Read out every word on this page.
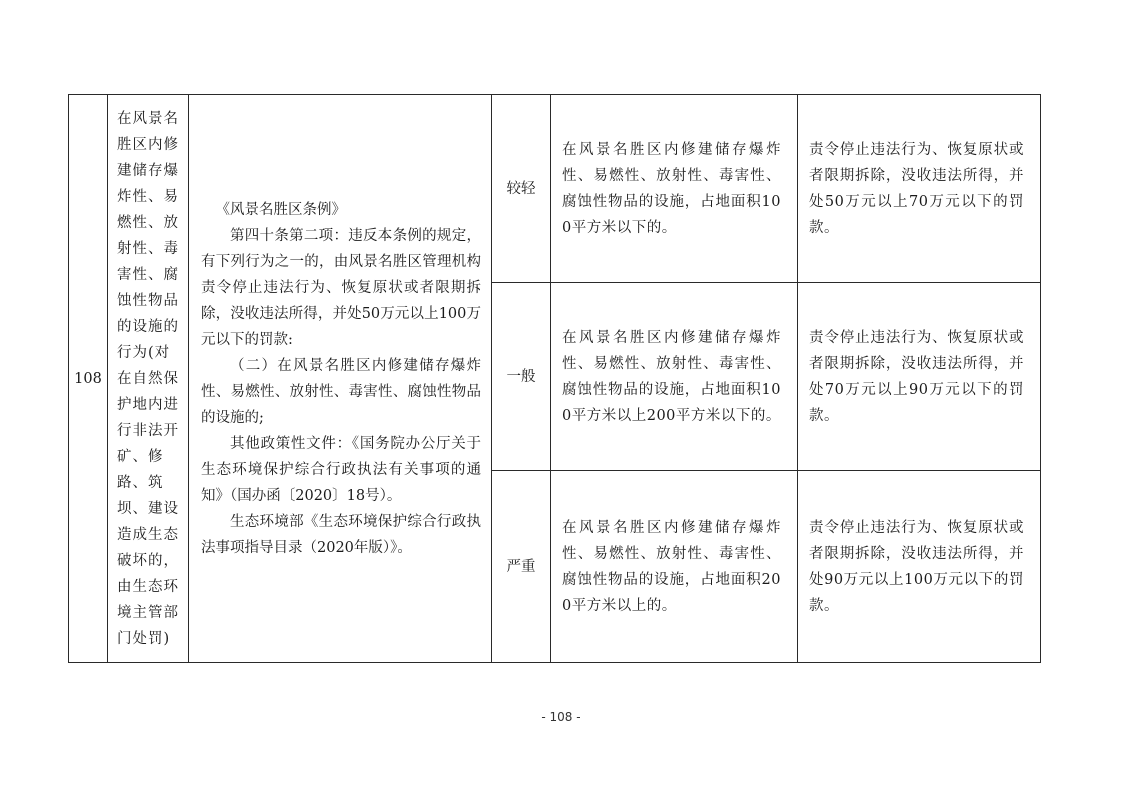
108	在风景名胜区内修建储存爆炸性、易燃性、放射性、毒害性、腐蚀性物品的设施的行为(对在自然保护地内进行非法开矿、修路、筑坝、建设造成生态破坏的，由生态环境主管部门处罚)	《风景名胜区条例》

第四十条第二项：违反本条例的规定，有下列行为之一的，由风景名胜区管理机构责令停止违法行为、恢复原状或者限期拆除，没收违法所得，并处50万元以上100万元以下的罚款:

（二）在风景名胜区内修建储存爆炸性、易燃性、放射性、毒害性、腐蚀性物品的设施的;

其他政策性文件：《国务院办公厅关于生态环境保护综合行政执法有关事项的通知》（国办函〔2020〕18号）。

生态环境部《生态环境保护综合行政执法事项指导目录（2020年版）》。	较轻	在风景名胜区内修建储存爆炸性、易燃性、放射性、毒害性、腐蚀性物品的设施，占地面积100平方米以下的。	责令停止违法行为、恢复原状或者限期拆除，没收违法所得，并处50万元以上70万元以下的罚款。

			一般	在风景名胜区内修建储存爆炸性、易燃性、放射性、毒害性、腐蚀性物品的设施，占地面积100平方米以上200平方米以下的。	责令停止违法行为、恢复原状或者限期拆除，没收违法所得，并处70万元以上90万元以下的罚款。

			严重	在风景名胜区内修建储存爆炸性、易燃性、放射性、毒害性、腐蚀性物品的设施，占地面积200平方米以上的。	责令停止违法行为、恢复原状或者限期拆除，没收违法所得，并处90万元以上100万元以下的罚款。
- 108 -
